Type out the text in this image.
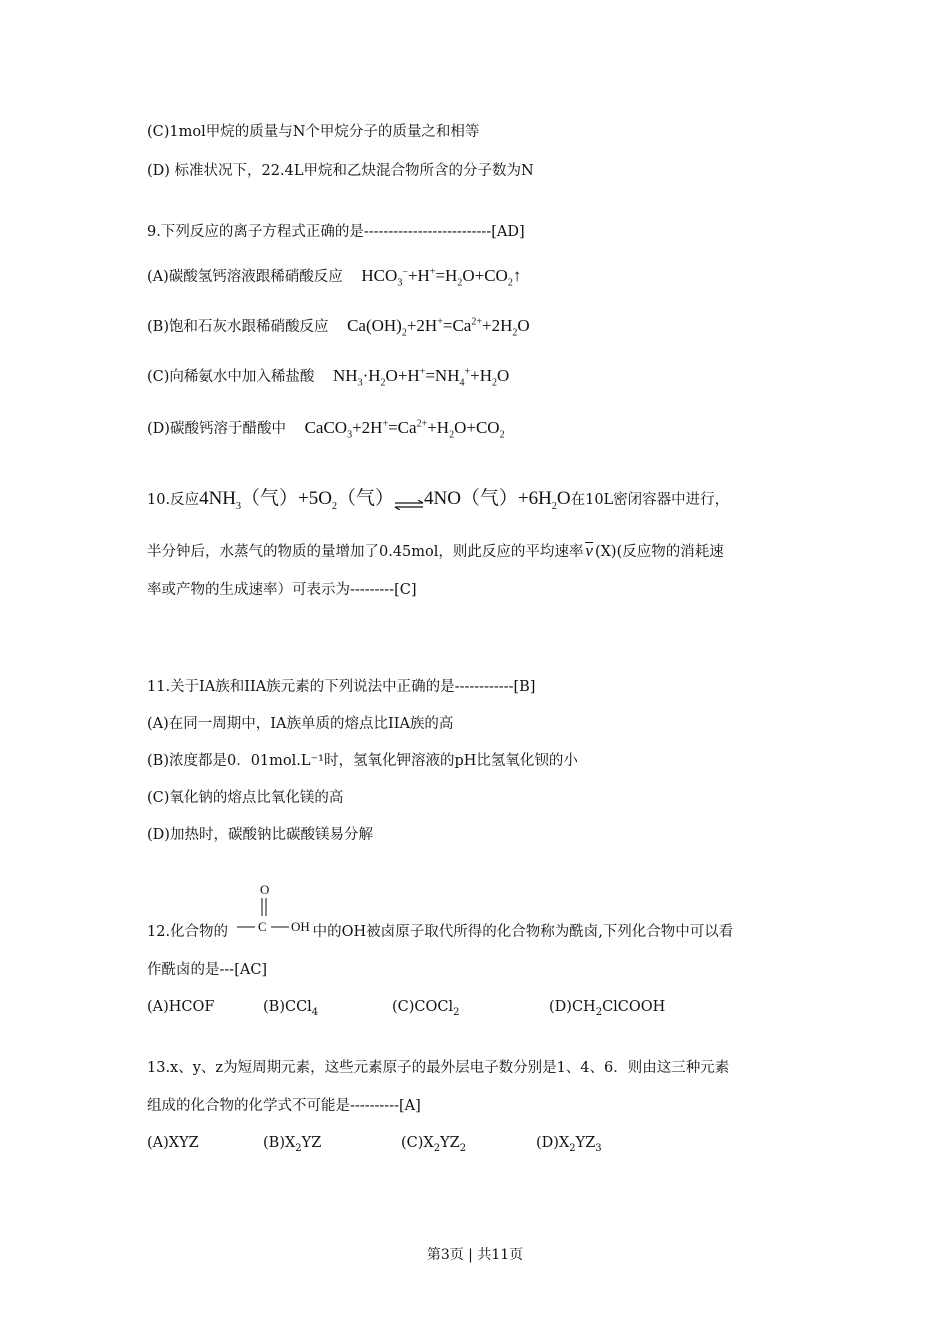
(C)1mol甲烷的质量与N个甲烷分子的质量之和相等
(D) 标准状况下，22.4L甲烷和乙炔混合物所含的分子数为N
9.下列反应的离子方程式正确的是--------------------------[AD]
(A)碳酸氢钙溶液跟稀硝酸反应 $HCO_3^-+H^+=H_2O+CO_2↑$
(B)饱和石灰水跟稀硝酸反应 $Ca(OH)_2+2H^+=Ca^{2+}+2H_2O$
(C)向稀氨水中加入稀盐酸 $NH_3\cdot H_2O+H^+=NH_4^++H_2O$
(D)碳酸钙溶于醋酸中 $CaCO_3+2H^+=Ca^{2+}+H_2O+CO_2$
10.反应$4NH_3$（气）$+5O_2$（气）⇌4NO（气）$+6H_2O$在10L密闭容器中进行，
半分钟后，水蒸气的物质的量增加了0.45mol，则此反应的平均速率 v (X)(反应物的消耗速
率或产物的生成速率）可表示为---------[C]
11.关于IA族和IIA族元素的下列说法中正确的是------------[B]
(A)在同一周期中，IA族单质的熔点比IIA族的高
(B)浓度都是0．01mol.L⁻¹时，氢氧化钾溶液的pH比氢氧化钡的小
(C)氧化钠的熔点比氧化镁的高
(D)加热时，碳酸钠比碳酸镁易分解
12.化合物的
O
C OH 中的OH被卤原子取代所得的化合物称为酰卤,下列化合物中可以看
作酰卤的是---[AC]
(A)HCOF	(B)CCl$_4$	(C)COCl$_2$	$(D)CH_2ClCOOH$
13.x、y、z为短周期元素，这些元素原子的最外层电子数分别是1、4、6．则由这三种元素
组成的化合物的化学式不可能是----------[A]
(A)XYZ	$(B)X_2YZ$	$(C)X_2YZ_2$	$(D)X_2YZ_3$
第3页 | 共11页
